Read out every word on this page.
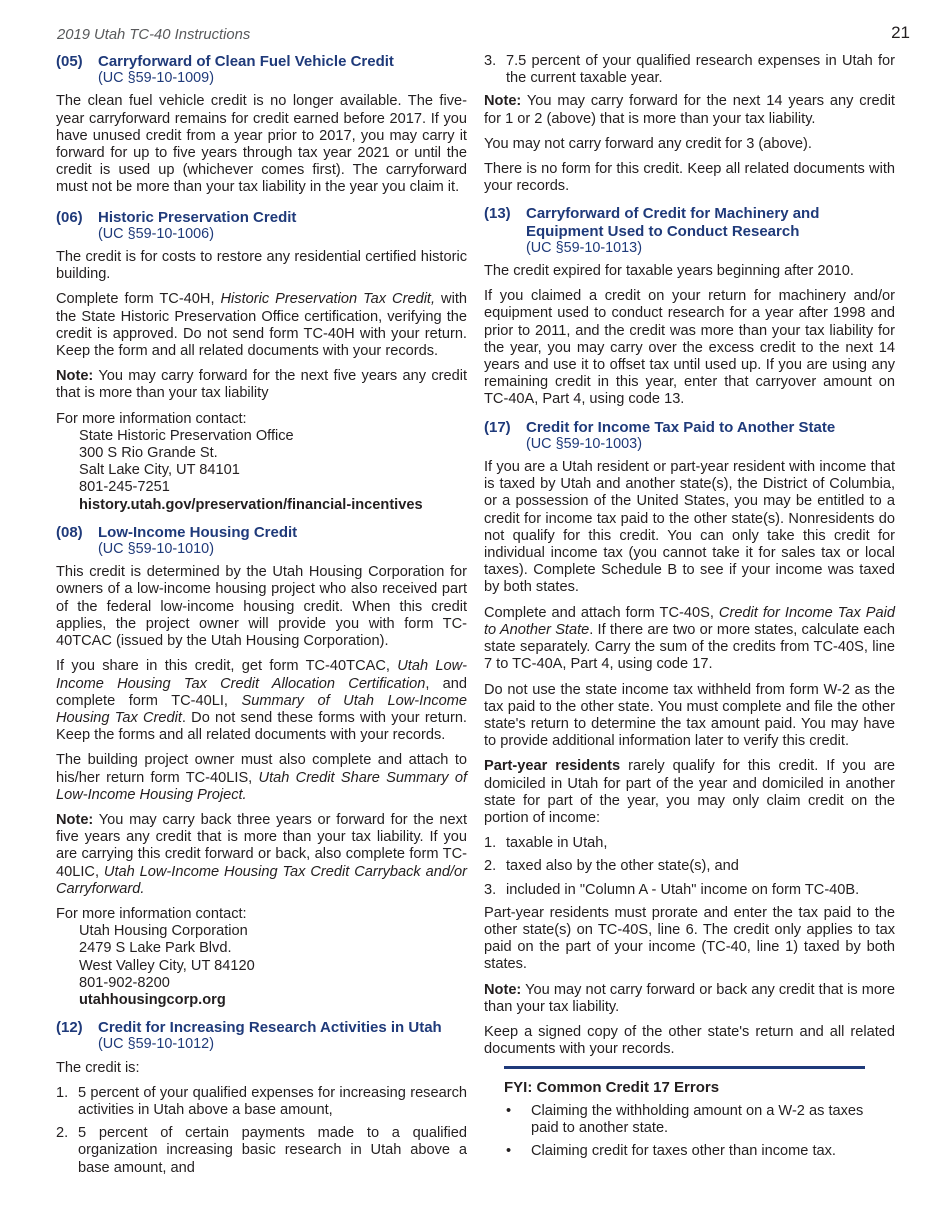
2019 Utah TC-40 Instructions	21
(05)	Carryforward of Clean Fuel Vehicle Credit
(UC §59-10-1009)

The clean fuel vehicle credit is no longer available. The five-year carryforward remains for credit earned before 2017. If you have unused credit from a year prior to 2017, you may carry it forward for up to five years through tax year 2021 or until the credit is used up (whichever comes first). The carryforward must not be more than your tax liability in the year you claim it.

(06)	Historic Preservation Credit
(UC §59-10-1006)

The credit is for costs to restore any residential certified historic building.

Complete form TC-40H, Historic Preservation Tax Credit, with the State Historic Preservation Office certification, verifying the credit is approved. Do not send form TC-40H with your return. Keep the form and all related documents with your records.

Note: You may carry forward for the next five years any credit that is more than your tax liability

For more information contact:
State Historic Preservation Office
300 S Rio Grande St.
Salt Lake City, UT 84101
801-245-7251
history.utah.gov/preservation/financial-incentives
(08)	Low-Income Housing Credit
(UC §59-10-1010)

This credit is determined by the Utah Housing Corporation for owners of a low-income housing project who also received part of the federal low-income housing credit. When this credit applies, the project owner will provide you with form TC-40TCAC (issued by the Utah Housing Corporation).

If you share in this credit, get form TC-40TCAC, Utah Low-Income Housing Tax Credit Allocation Certification, and complete form TC-40LI, Summary of Utah Low-Income Housing Tax Credit. Do not send these forms with your return. Keep the forms and all related documents with your records.

The building project owner must also complete and attach to his/her return form TC-40LIS, Utah Credit Share Summary of Low-Income Housing Project.

Note: You may carry back three years or forward for the next five years any credit that is more than your tax liability. If you are carrying this credit forward or back, also complete form TC-40LIC, Utah Low-Income Housing Tax Credit Carryback and/or Carryforward.

For more information contact:
Utah Housing Corporation
2479 S Lake Park Blvd.
West Valley City, UT 84120
801-902-8200
utahhousingcorp.org
(12)	Credit for Increasing Research Activities in Utah
(UC §59-10-1012)

The credit is:

1. 5 percent of your qualified expenses for increasing research activities in Utah above a base amount,
2. 5 percent of certain payments made to a qualified organization increasing basic research in Utah above a base amount, and
3. 7.5 percent of your qualified research expenses in Utah for the current taxable year.

Note: You may carry forward for the next 14 years any credit for 1 or 2 (above) that is more than your tax liability.

You may not carry forward any credit for 3 (above).

There is no form for this credit. Keep all related documents with your records.

(13)	Carryforward of Credit for Machinery and
Equipment Used to Conduct Research
(UC §59-10-1013)

The credit expired for taxable years beginning after 2010.

If you claimed a credit on your return for machinery and/or equipment used to conduct research for a year after 1998 and prior to 2011, and the credit was more than your tax liability for the year, you may carry over the excess credit to the next 14 years and use it to offset tax until used up. If you are using any remaining credit in this year, enter that carryover amount on TC-40A, Part 4, using code 13.

(17)	Credit for Income Tax Paid to Another State
(UC §59-10-1003)

If you are a Utah resident or part-year resident with income that is taxed by Utah and another state(s), the District of Columbia, or a possession of the United States, you may be entitled to a credit for income tax paid to the other state(s). Nonresidents do not qualify for this credit. You can only take this credit for individual income tax (you cannot take it for sales tax or local taxes). Complete Schedule B to see if your income was taxed by both states.

Complete and attach form TC-40S, Credit for Income Tax Paid to Another State. If there are two or more states, calculate each state separately. Carry the sum of the credits from TC-40S, line 7 to TC-40A, Part 4, using code 17.

Do not use the state income tax withheld from form W-2 as the tax paid to the other state. You must complete and file the other state's return to determine the tax amount paid. You may have to provide additional information later to verify this credit.

Part-year residents rarely qualify for this credit. If you are domiciled in Utah for part of the year and domiciled in another state for part of the year, you may only claim credit on the portion of income:

1. taxable in Utah,
2. taxed also by the other state(s), and
3. included in "Column A - Utah" income on form TC-40B.

Part-year residents must prorate and enter the tax paid to the other state(s) on TC-40S, line 6. The credit only applies to tax paid on the part of your income (TC-40, line 1) taxed by both states.

Note: You may not carry forward or back any credit that is more than your tax liability.

Keep a signed copy of the other state's return and all related documents with your records.

FYI: Common Credit 17 Errors
•	Claiming the withholding amount on a W-2 as taxes paid to another state.
•	Claiming credit for taxes other than income tax.
